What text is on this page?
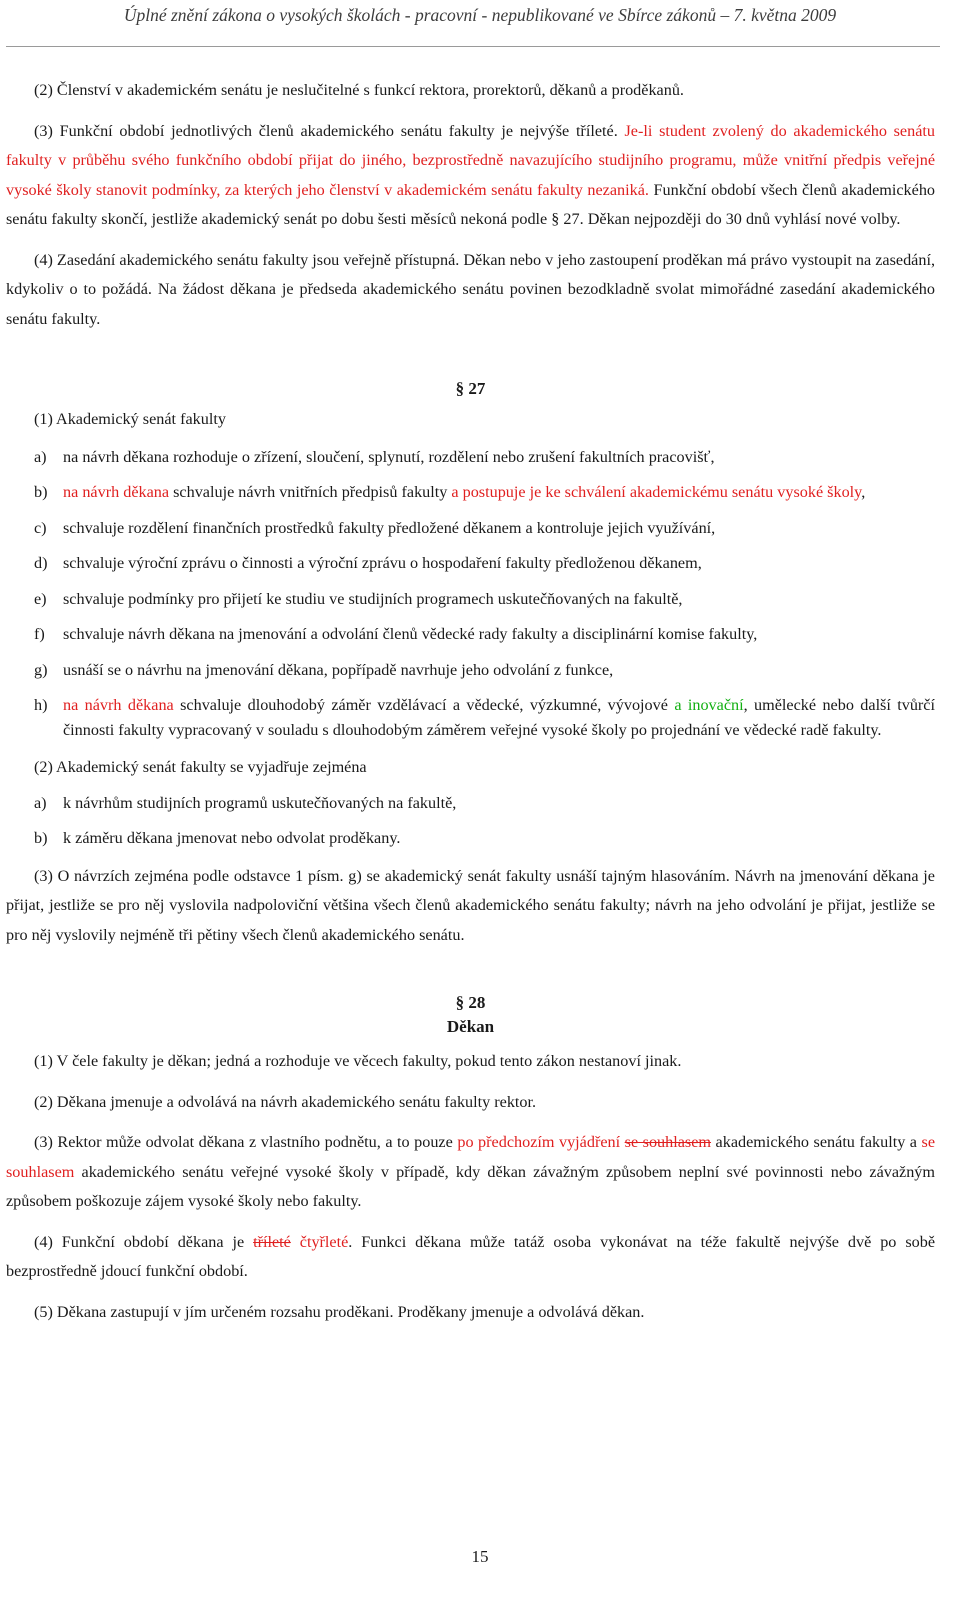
Úplné znění zákona o vysokých školách - pracovní - nepublikované ve Sbírce zákonů – 7. května 2009

(2) Členství v akademickém senátu je neslučitelné s funkcí rektora, prorektorů, děkanů a proděkanů.

(3) Funkční období jednotlivých členů akademického senátu fakulty je nejvýše tříleté. Je-li student zvolený do akademického senátu fakulty v průběhu svého funkčního období přijat do jiného, bezprostředně navazujícího studijního programu, může vnitřní předpis veřejné vysoké školy stanovit podmínky, za kterých jeho členství v akademickém senátu fakulty nezaniká. Funkční období všech členů akademického senátu fakulty skončí, jestliže akademický senát po dobu šesti měsíců nekoná podle § 27. Děkan nejpozději do 30 dnů vyhlásí nové volby.

(4) Zasedání akademického senátu fakulty jsou veřejně přístupná. Děkan nebo v jeho zastoupení proděkan má právo vystoupit na zasedání, kdykoliv o to požádá. Na žádost děkana je předseda akademického senátu povinen bezodkladně svolat mimořádné zasedání akademického senátu fakulty.

§ 27

(1) Akademický senát fakulty

a)	na návrh děkana rozhoduje o zřízení, sloučení, splynutí, rozdělení nebo zrušení fakultních pracovišť,
b) na návrh děkana schvaluje návrh vnitřních předpisů fakulty a postupuje je ke schválení akademickému senátu vysoké školy,
c)	schvaluje rozdělení finančních prostředků fakulty předložené děkanem a kontroluje jejich využívání,
d) schvaluje výroční zprávu o činnosti a výroční zprávu o hospodaření fakulty předloženou děkanem,
e)	schvaluje podmínky pro přijetí ke studiu ve studijních programech uskutečňovaných na fakultě,
f)	schvaluje návrh děkana na jmenování a odvolání členů vědecké rady fakulty a disciplinární komise fakulty,
g) usnáší se o návrhu na jmenování děkana, popřípadě navrhuje jeho odvolání z funkce,
h) na návrh děkana schvaluje dlouhodobý záměr vzdělávací a vědecké, výzkumné, vývojové a inovační, umělecké nebo další tvůrčí činnosti fakulty vypracovaný v souladu s dlouhodobým záměrem veřejné vysoké školy po projednání ve vědecké radě fakulty.

(2) Akademický senát fakulty se vyjadřuje zejména

a)	k návrhům studijních programů uskutečňovaných na fakultě,
b) k záměru děkana jmenovat nebo odvolat proděkany.

(3) O návrzích zejména podle odstavce 1 písm. g) se akademický senát fakulty usnáší tajným hlasováním. Návrh na jmenování děkana je přijat, jestliže se pro něj vyslovila nadpoloviční většina všech členů akademického senátu fakulty; návrh na jeho odvolání je přijat, jestliže se pro něj vyslovily nejméně tři pětiny všech členů akademického senátu.

§ 28

Děkan

(1) V čele fakulty je děkan; jedná a rozhoduje ve věcech fakulty, pokud tento zákon nestanoví jinak.

(2) Děkana jmenuje a odvolává na návrh akademického senátu fakulty rektor.

(3) Rektor může odvolat děkana z vlastního podnětu, a to pouze po předchozím vyjádření se souhlasem akademického senátu fakulty a se souhlasem akademického senátu veřejné vysoké školy v případě, kdy děkan závažným způsobem neplní své povinnosti nebo závažným způsobem poškozuje zájem vysoké školy nebo fakulty.

(4) Funkční období děkana je tříleté čtyřleté. Funkci děkana může tatáž osoba vykonávat na téže fakultě nejvýše dvě po sobě bezprostředně jdoucí funkční období.

(5) Děkana zastupují v jím určeném rozsahu proděkani. Proděkany jmenuje a odvolává děkan.

15
